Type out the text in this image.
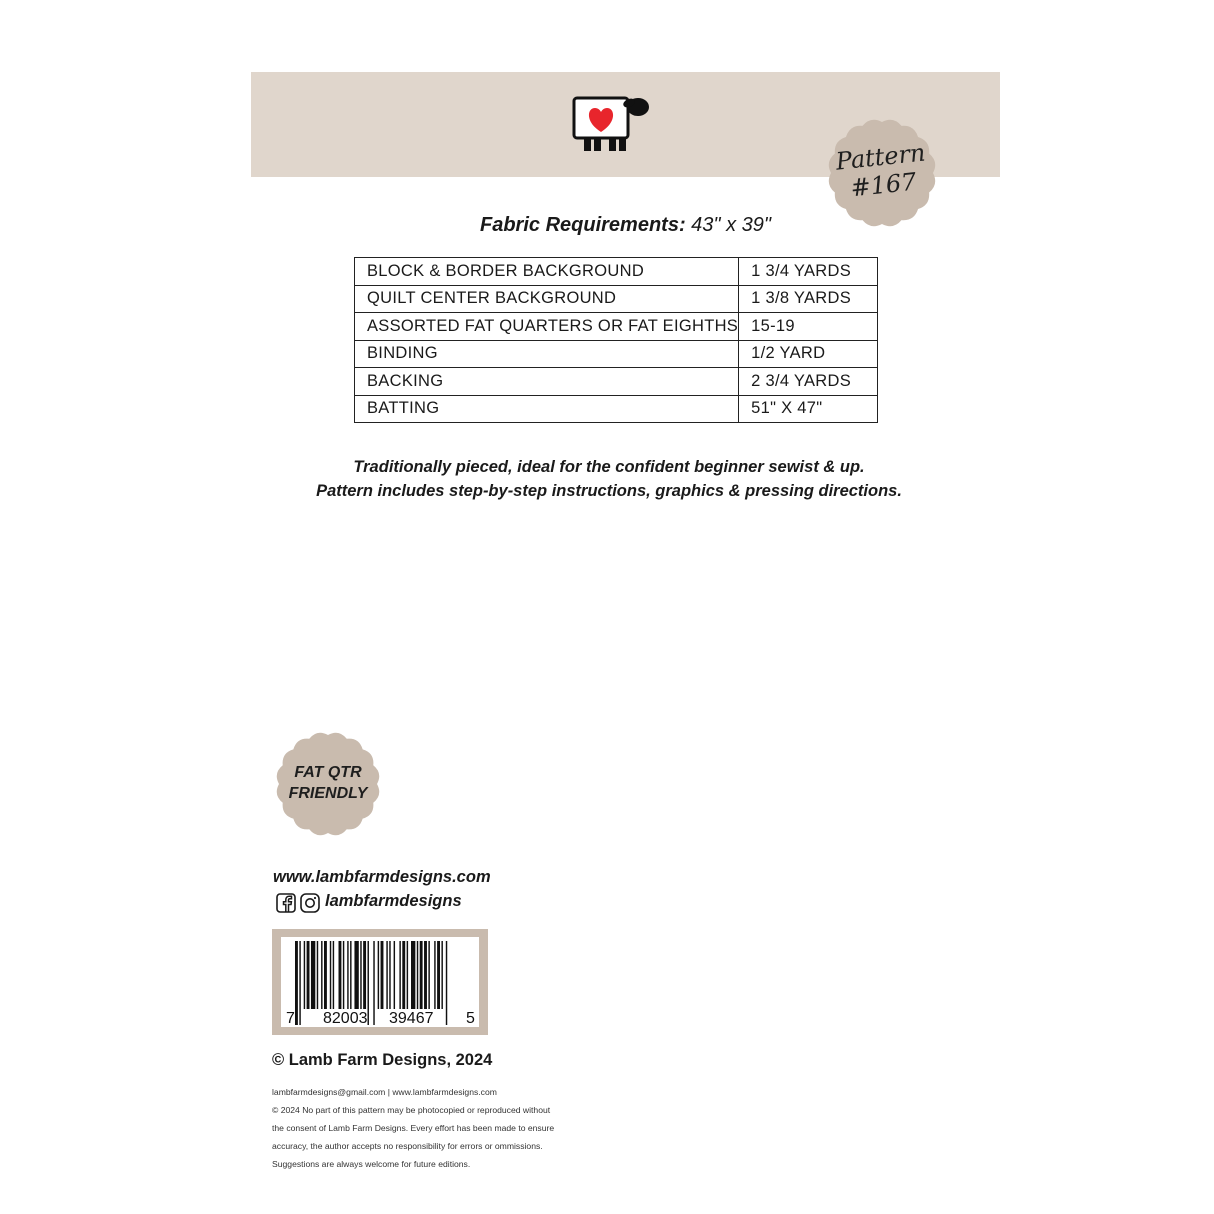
Pattern
#167
Fabric Requirements: 43" x 39"
BLOCK & BORDER BACKGROUND	1 3/4 YARDS
QUILT CENTER BACKGROUND	1 3/8 YARDS
ASSORTED FAT QUARTERS OR FAT EIGHTHS	15-19
BINDING	1/2 YARD
BACKING	2 3/4 YARDS
BATTING	51" X 47"
Traditionally pieced, ideal for the confident beginner sewist & up.
Pattern includes step-by-step instructions, graphics & pressing directions.
FAT QTR
FRIENDLY
www.lambfarmdesigns.com
lambfarmdesigns
7 82003 39467 5
© Lamb Farm Designs, 2024
lambfarmdesigns@gmail.com | www.lambfarmdesigns.com
© 2024 No part of this pattern may be photocopied or reproduced without
the consent of Lamb Farm Designs. Every effort has been made to ensure
accuracy, the author accepts no responsibility for errors or ommissions.
Suggestions are always welcome for future editions.
